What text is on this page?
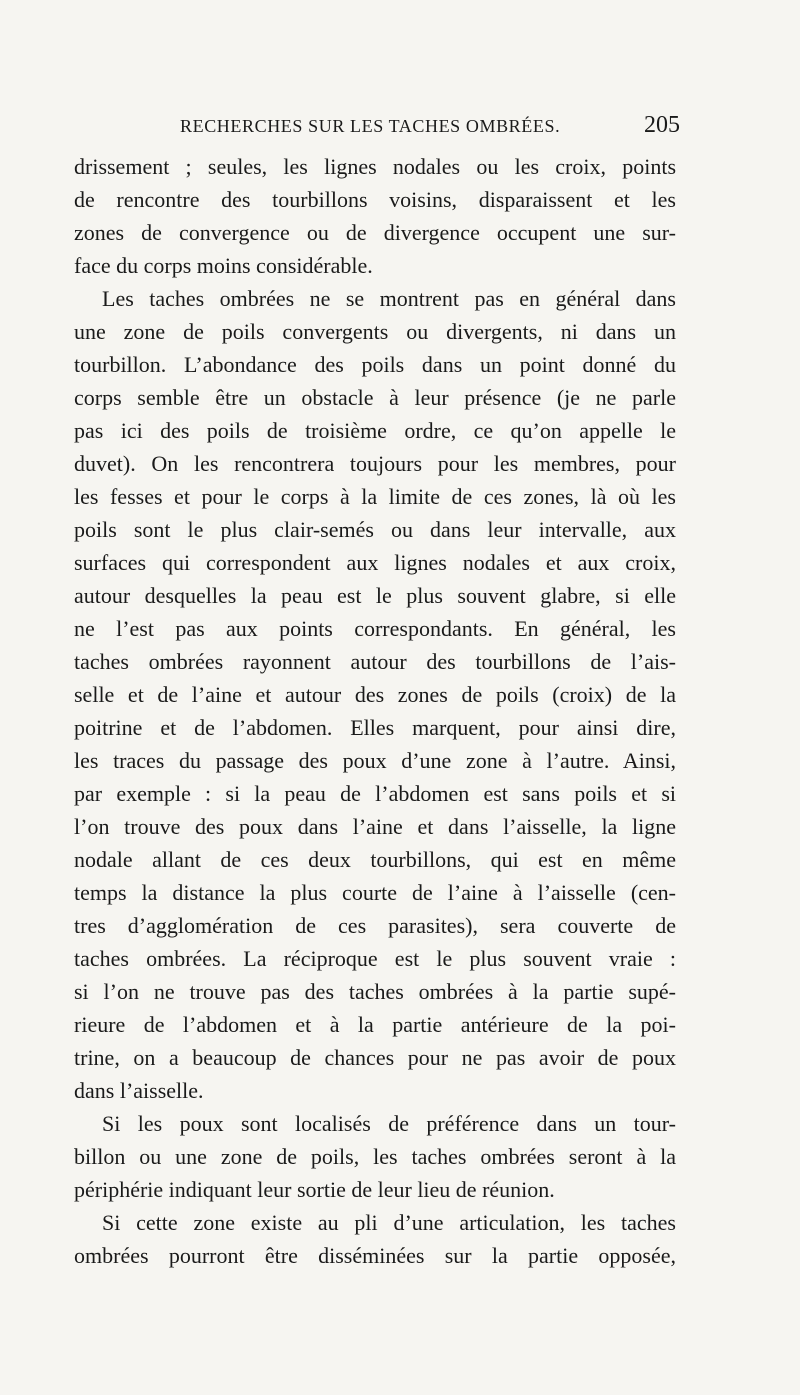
RECHERCHES SUR LES TACHES OMBRÉES.	205
drissement ; seules, les lignes nodales ou les croix, points
de rencontre des tourbillons voisins, disparaissent et les
zones de convergence ou de divergence occupent une sur-
face du corps moins considérable.
Les taches ombrées ne se montrent pas en général dans
une zone de poils convergents ou divergents, ni dans un
tourbillon. L’abondance des poils dans un point donné du
corps semble être un obstacle à leur présence (je ne parle
pas ici des poils de troisième ordre, ce qu’on appelle le
duvet). On les rencontrera toujours pour les membres, pour
les fesses et pour le corps à la limite de ces zones, là où les
poils sont le plus clair-semés ou dans leur intervalle, aux
surfaces qui correspondent aux lignes nodales et aux croix,
autour desquelles la peau est le plus souvent glabre, si elle
ne l’est pas aux points correspondants. En général, les
taches ombrées rayonnent autour des tourbillons de l’ais-
selle et de l’aine et autour des zones de poils (croix) de la
poitrine et de l’abdomen. Elles marquent, pour ainsi dire,
les traces du passage des poux d’une zone à l’autre. Ainsi,
par exemple : si la peau de l’abdomen est sans poils et si
l’on trouve des poux dans l’aine et dans l’aisselle, la ligne
nodale allant de ces deux tourbillons, qui est en même
temps la distance la plus courte de l’aine à l’aisselle (cen-
tres d’agglomération de ces parasites), sera couverte de
taches ombrées. La réciproque est le plus souvent vraie :
si l’on ne trouve pas des taches ombrées à la partie supé-
rieure de l’abdomen et à la partie antérieure de la poi-
trine, on a beaucoup de chances pour ne pas avoir de poux
dans l’aisselle.
Si les poux sont localisés de préférence dans un tour-
billon ou une zone de poils, les taches ombrées seront à la
périphérie indiquant leur sortie de leur lieu de réunion.
Si cette zone existe au pli d’une articulation, les taches
ombrées pourront être disséminées sur la partie opposée,
